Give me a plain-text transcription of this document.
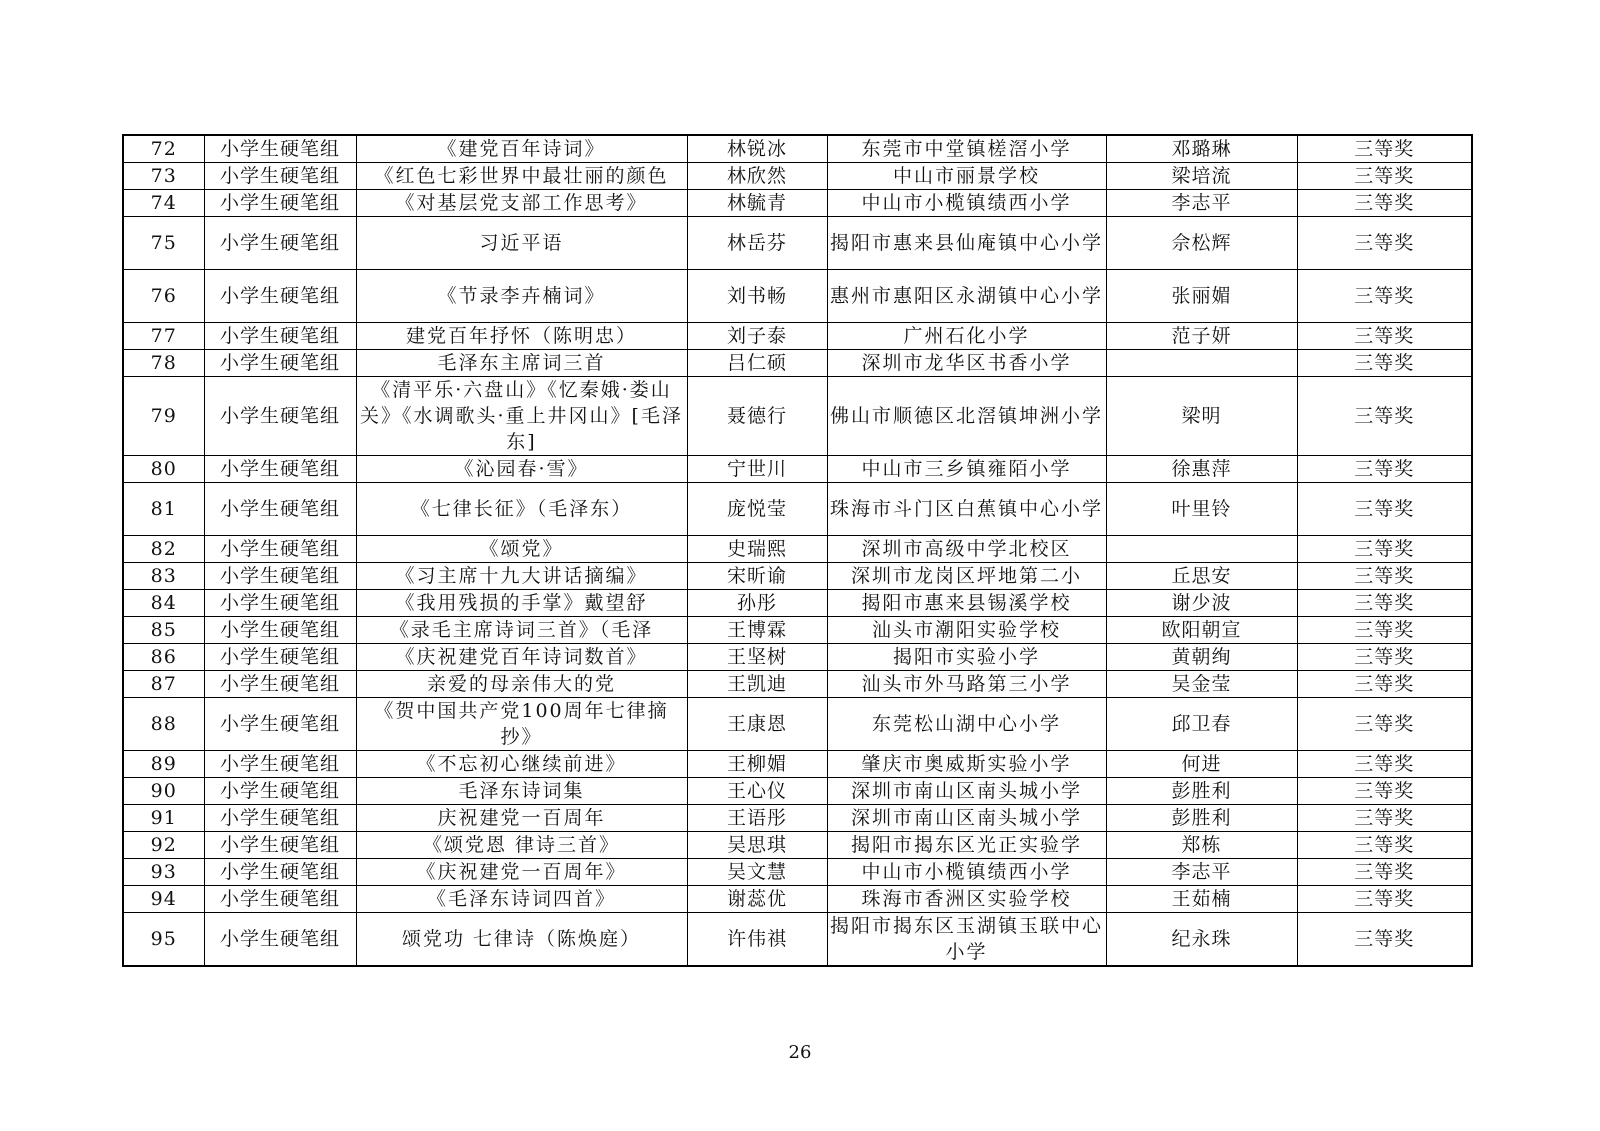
72	小学生硬笔组	《建党百年诗词》	林锐冰	东莞市中堂镇槎滘小学	邓璐琳	三等奖
73	小学生硬笔组	《红色七彩世界中最壮丽的颜色	林欣然	中山市丽景学校	梁培流	三等奖
74	小学生硬笔组	《对基层党支部工作思考》	林毓青	中山市小榄镇绩西小学	李志平	三等奖
75	小学生硬笔组	习近平语	林岳芬	揭阳市惠来县仙庵镇中心小学	佘松辉	三等奖
76	小学生硬笔组	《节录李卉楠词》	刘书畅	惠州市惠阳区永湖镇中心小学	张丽媚	三等奖
77	小学生硬笔组	建党百年抒怀（陈明忠）	刘子泰	广州石化小学	范子妍	三等奖
78	小学生硬笔组	毛泽东主席词三首	吕仁硕	深圳市龙华区书香小学		三等奖
79	小学生硬笔组	《清平乐·六盘山》《忆秦娥·娄山关》《水调歌头·重上井冈山》[毛泽东]	聂德行	佛山市顺德区北滘镇坤洲小学	梁明	三等奖
80	小学生硬笔组	《沁园春·雪》	宁世川	中山市三乡镇雍陌小学	徐惠萍	三等奖
81	小学生硬笔组	《七律长征》（毛泽东）	庞悦莹	珠海市斗门区白蕉镇中心小学	叶里铃	三等奖
82	小学生硬笔组	《颂党》	史瑞熙	深圳市高级中学北校区		三等奖
83	小学生硬笔组	《习主席十九大讲话摘编》	宋昕谕	深圳市龙岗区坪地第二小	丘思安	三等奖
84	小学生硬笔组	《我用残损的手掌》戴望舒	孙彤	揭阳市惠来县锡溪学校	谢少波	三等奖
85	小学生硬笔组	《录毛主席诗词三首》（毛泽	王博霖	汕头市潮阳实验学校	欧阳朝宣	三等奖
86	小学生硬笔组	《庆祝建党百年诗词数首》	王坚树	揭阳市实验小学	黄朝绚	三等奖
87	小学生硬笔组	亲爱的母亲伟大的党	王凯迪	汕头市外马路第三小学	吴金莹	三等奖
88	小学生硬笔组	《贺中国共产党100周年七律摘抄》	王康恩	东莞松山湖中心小学	邱卫春	三等奖
89	小学生硬笔组	《不忘初心继续前进》	王柳媚	肇庆市奥威斯实验小学	何进	三等奖
90	小学生硬笔组	毛泽东诗词集	王心仪	深圳市南山区南头城小学	彭胜利	三等奖
91	小学生硬笔组	庆祝建党一百周年	王语彤	深圳市南山区南头城小学	彭胜利	三等奖
92	小学生硬笔组	《颂党恩 律诗三首》	吴思琪	揭阳市揭东区光正实验学	郑栋	三等奖
93	小学生硬笔组	《庆祝建党一百周年》	吴文慧	中山市小榄镇绩西小学	李志平	三等奖
94	小学生硬笔组	《毛泽东诗词四首》	谢蕊优	珠海市香洲区实验学校	王茹楠	三等奖
95	小学生硬笔组	颂党功 七律诗（陈焕庭）	许伟祺	揭阳市揭东区玉湖镇玉联中心小学	纪永珠	三等奖
26
